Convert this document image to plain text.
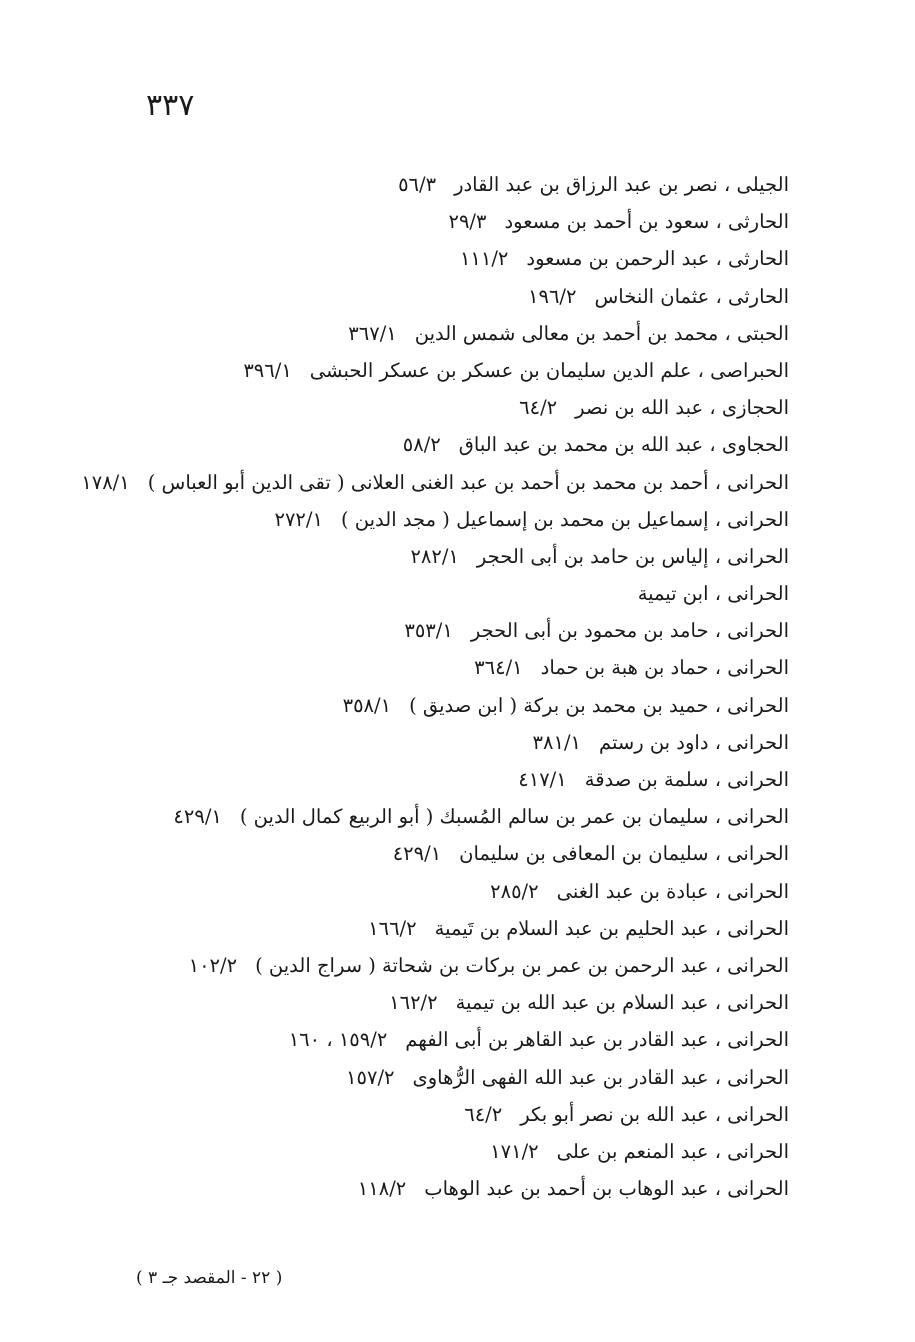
٣٣٧
الجيلى ، نصر بن عبد الرزاق بن عبد القادر٥٦/٣
الحارثى ، سعود بن أحمد بن مسعود٢٩/٣
الحارثى ، عبد الرحمن بن مسعود١١١/٢
الحارثى ، عثمان النخاس١٩٦/٢
الحبتى ، محمد بن أحمد بن معالى شمس الدين٣٦٧/١
الحبراصى ، علم الدين سليمان بن عسكر بن عسكر الحبشى٣٩٦/١
الحجازى ، عبد الله بن نصر٦٤/٢
الحجاوى ، عبد الله بن محمد بن عبد الباق٥٨/٢
الحرانى ، أحمد بن محمد بن أحمد بن عبد الغنى العلانى ( تقى الدين أبو العباس )١٧٨/١
الحرانى ، إسماعيل بن محمد بن إسماعيل ( مجد الدين )٢٧٢/١
الحرانى ، إلياس بن حامد بن أبى الحجر٢٨٢/١
الحرانى ، ابن تيمية
الحرانى ، حامد بن محمود بن أبى الحجر٣٥٣/١
الحرانى ، حماد بن هبة بن حماد٣٦٤/١
الحرانى ، حميد بن محمد بن بركة ( ابن صديق )٣٥٨/١
الحرانى ، داود بن رستم٣٨١/١
الحرانى ، سلمة بن صدقة٤١٧/١
الحرانى ، سليمان بن عمر بن سالم المُسبك ( أبو الربيع كمال الدين )٤٢٩/١
الحرانى ، سليمان بن المعافى بن سليمان٤٢٩/١
الحرانى ، عبادة بن عبد الغنى٢٨٥/٢
الحرانى ، عبد الحليم بن عبد السلام بن تَيمية١٦٦/٢
الحرانى ، عبد الرحمن بن عمر بن بركات بن شحاتة ( سراج الدين )١٠٢/٢
الحرانى ، عبد السلام بن عبد الله بن تيمية١٦٢/٢
الحرانى ، عبد القادر بن عبد القاهر بن أبى الفهم١٥٩/٢ ، ١٦٠
الحرانى ، عبد القادر بن عبد الله الفهى الرُّهاوى١٥٧/٢
الحرانى ، عبد الله بن نصر أبو بكر٦٤/٢
الحرانى ، عبد المنعم بن على١٧١/٢
الحرانى ، عبد الوهاب بن أحمد بن عبد الوهاب١١٨/٢
( ٢٢ - المقصد جـ ٣ )
